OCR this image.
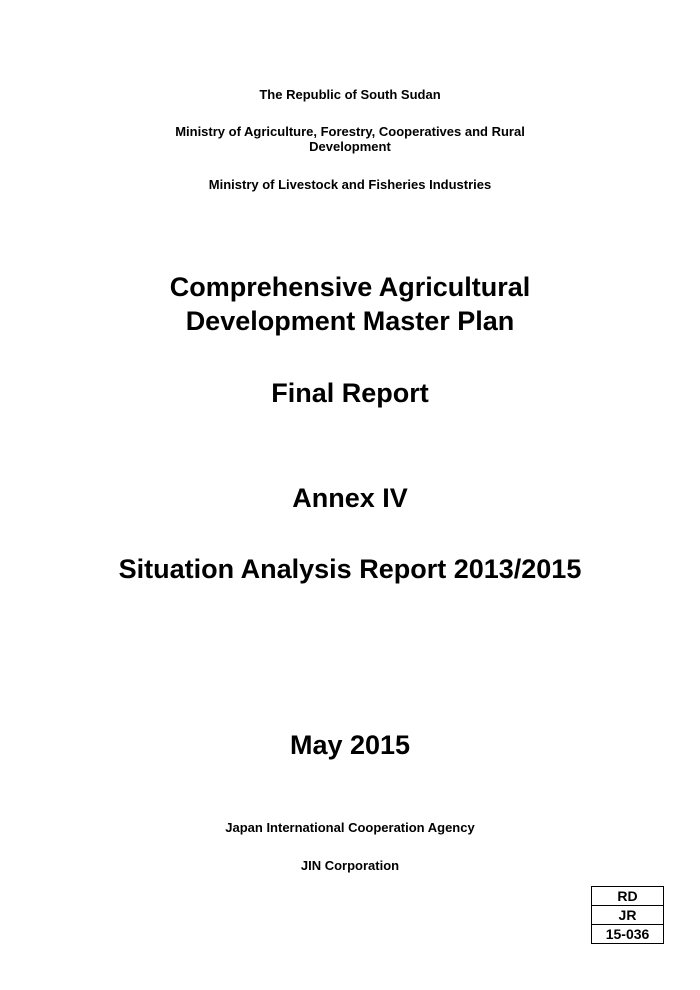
The Republic of South Sudan
Ministry of Agriculture, Forestry, Cooperatives and Rural
Development
Ministry of Livestock and Fisheries Industries
Comprehensive Agricultural
Development Master Plan
Final Report
Annex IV
Situation Analysis Report 2013/2015
May 2015
Japan International Cooperation Agency
JIN Corporation
RD
JR
15-036
